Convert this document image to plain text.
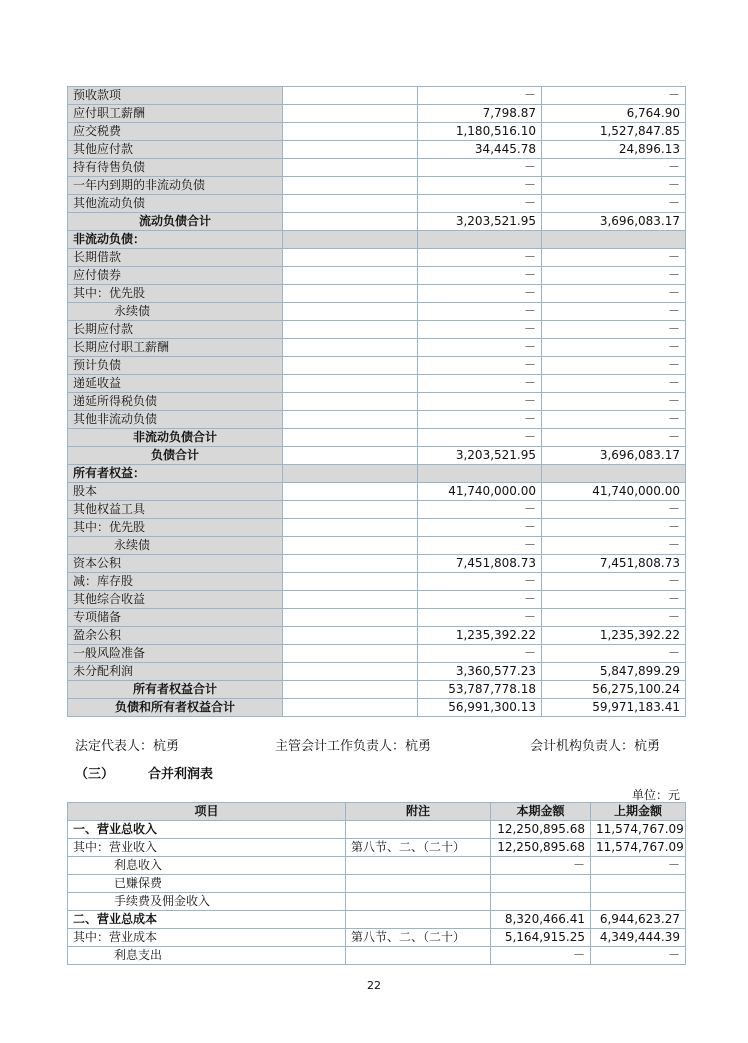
预收款项		－	－
应付职工薪酬		7,798.87	6,764.90
应交税费		1,180,516.10	1,527,847.85
其他应付款		34,445.78	24,896.13
持有待售负债		－	－
一年内到期的非流动负债		－	－
其他流动负债		－	－
流动负债合计		3,203,521.95	3,696,083.17
非流动负债：			
长期借款		－	－
应付债券		－	－
其中：优先股		－	－
永续债		－	－
长期应付款		－	－
长期应付职工薪酬		－	－
预计负债		－	－
递延收益		－	－
递延所得税负债		－	－
其他非流动负债		－	－
非流动负债合计		－	－
负债合计		3,203,521.95	3,696,083.17
所有者权益：			
股本		41,740,000.00	41,740,000.00
其他权益工具		－	－
其中：优先股		－	－
永续债		－	－
资本公积		7,451,808.73	7,451,808.73
减：库存股		－	－
其他综合收益		－	－
专项储备		－	－
盈余公积		1,235,392.22	1,235,392.22
一般风险准备		－	－
未分配利润		3,360,577.23	5,847,899.29
所有者权益合计		53,787,778.18	56,275,100.24
负债和所有者权益合计		56,991,300.13	59,971,183.41
法定代表人：杭勇	主管会计工作负责人：杭勇	会计机构负责人：杭勇
（三）	合并利润表
单位：元
项目	附注	本期金额	上期金额
一、营业总收入		12,250,895.68	11,574,767.09
其中：营业收入	第八节、二、（二十）	12,250,895.68	11,574,767.09
利息收入		－	－
已赚保费			
手续费及佣金收入			
二、营业总成本		8,320,466.41	6,944,623.27
其中：营业成本	第八节、二、（二十）	5,164,915.25	4,349,444.39
利息支出		－	－
22
